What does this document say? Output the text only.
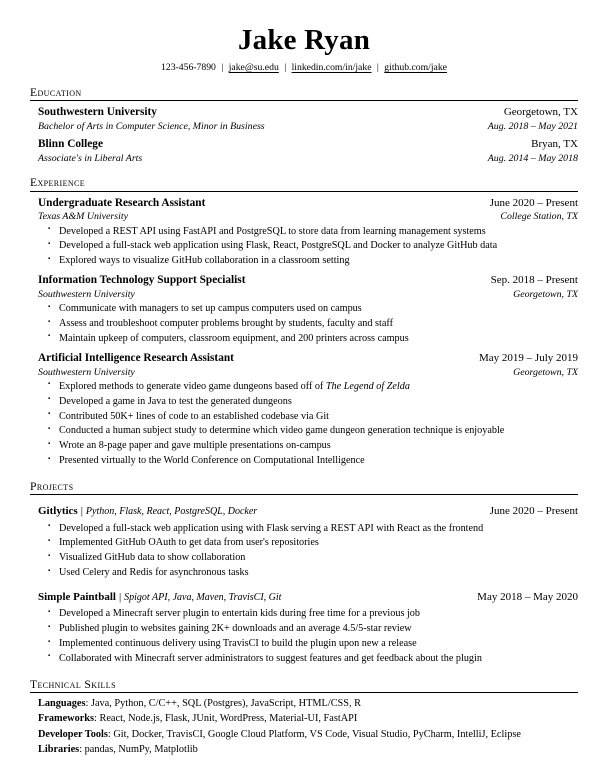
Jake Ryan
123-456-7890 | jake@su.edu | linkedin.com/in/jake | github.com/jake
Education
Southwestern University	Georgetown, TX
Bachelor of Arts in Computer Science, Minor in Business	Aug. 2018 – May 2021
Blinn College	Bryan, TX
Associate's in Liberal Arts	Aug. 2014 – May 2018
Experience
Undergraduate Research Assistant	June 2020 – Present
Texas A&M University	College Station, TX
▪ Developed a REST API using FastAPI and PostgreSQL to store data from learning management systems
▪ Developed a full-stack web application using Flask, React, PostgreSQL and Docker to analyze GitHub data
▪ Explored ways to visualize GitHub collaboration in a classroom setting
Information Technology Support Specialist	Sep. 2018 – Present
Southwestern University	Georgetown, TX
▪ Communicate with managers to set up campus computers used on campus
▪ Assess and troubleshoot computer problems brought by students, faculty and staff
▪ Maintain upkeep of computers, classroom equipment, and 200 printers across campus
Artificial Intelligence Research Assistant	May 2019 – July 2019
Southwestern University	Georgetown, TX
▪ Explored methods to generate video game dungeons based off of The Legend of Zelda
▪ Developed a game in Java to test the generated dungeons
▪ Contributed 50K+ lines of code to an established codebase via Git
▪ Conducted a human subject study to determine which video game dungeon generation technique is enjoyable
▪ Wrote an 8-page paper and gave multiple presentations on-campus
▪ Presented virtually to the World Conference on Computational Intelligence
Projects
Gitlytics | Python, Flask, React, PostgreSQL, Docker	June 2020 – Present
▪ Developed a full-stack web application using with Flask serving a REST API with React as the frontend
▪ Implemented GitHub OAuth to get data from user's repositories
▪ Visualized GitHub data to show collaboration
▪ Used Celery and Redis for asynchronous tasks
Simple Paintball | Spigot API, Java, Maven, TravisCI, Git	May 2018 – May 2020
▪ Developed a Minecraft server plugin to entertain kids during free time for a previous job
▪ Published plugin to websites gaining 2K+ downloads and an average 4.5/5-star review
▪ Implemented continuous delivery using TravisCI to build the plugin upon new a release
▪ Collaborated with Minecraft server administrators to suggest features and get feedback about the plugin
Technical Skills
Languages: Java, Python, C/C++, SQL (Postgres), JavaScript, HTML/CSS, R
Frameworks: React, Node.js, Flask, JUnit, WordPress, Material-UI, FastAPI
Developer Tools: Git, Docker, TravisCI, Google Cloud Platform, VS Code, Visual Studio, PyCharm, IntelliJ, Eclipse
Libraries: pandas, NumPy, Matplotlib
